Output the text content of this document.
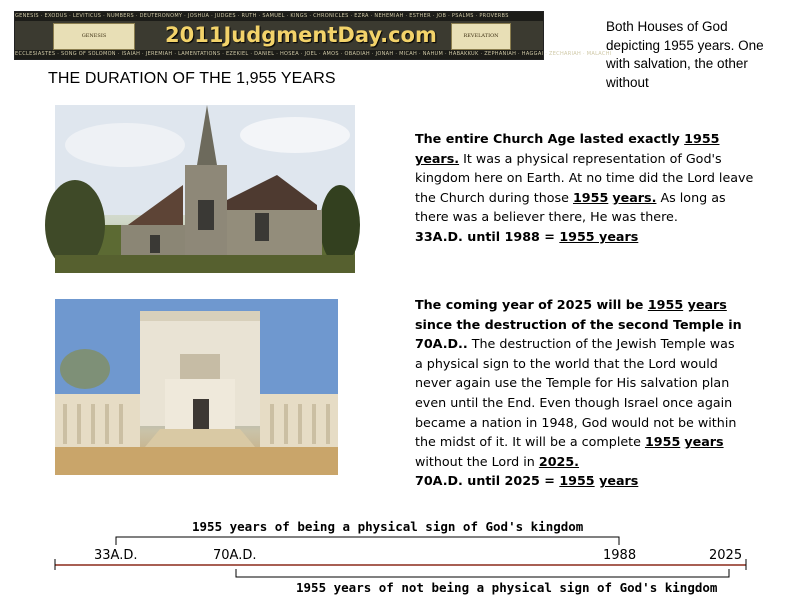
GENESIS · EXODUS · LEVITICUS · NUMBERS · DEUTERONOMY · JOSHUA · JUDGES · RUTH · SAMUEL · KINGS · CHRONICLES · EZRA · NEHEMIAH · ESTHER · JOB · PSALMS · PROVERBS
GENESIS	2011JudgmentDay.com	REVELATION
ECCLESIASTES · SONG OF SOLOMON · ISAIAH · JEREMIAH · LAMENTATIONS · EZEKIEL · DANIEL · HOSEA · JOEL · AMOS · OBADIAH · JONAH · MICAH · NAHUM · HABAKKUK · ZEPHANIAH · HAGGAI · ZECHARIAH · MALACHI
Both Houses of God depicting 1955 years. One with salvation, the other without
THE DURATION OF THE 1,955 YEARS
The entire Church Age lasted exactly 1955 years. It was a physical representation of God's kingdom here on Earth. At no time did the Lord leave the Church during those 1955 years. As long as there was a believer there, He was there.
33A.D. until 1988 = 1955 years
The coming year of 2025 will be 1955 years since the destruction of the second Temple in 70A.D.. The destruction of the Jewish Temple was a physical sign to the world that the Lord would never again use the Temple for His salvation plan even until the End. Even though Israel once again became a nation in 1948, God would not be within the midst of it. It will be a complete 1955 years without the Lord in 2025.
70A.D. until 2025 = 1955 years
1955 years of being a physical sign of God's kingdom
33A.D.	70A.D.	1988	2025
1955 years of not being a physical sign of God's kingdom
